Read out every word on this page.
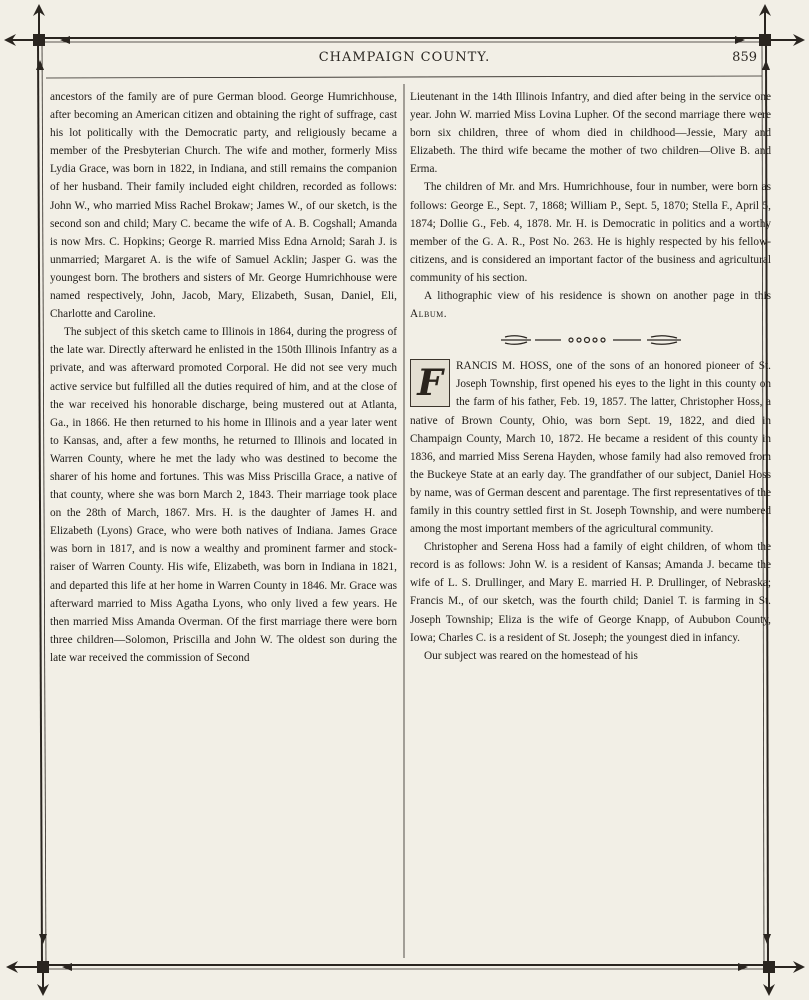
CHAMPAIGN COUNTY.	859

ancestors of the family are of pure German blood. George Humrichhouse, after becoming an American citizen and obtaining the right of suffrage, cast his lot politically with the Democratic party, and religiously became a member of the Presbyterian Church. The wife and mother, formerly Miss Lydia Grace, was born in 1822, in Indiana, and still remains the companion of her husband. Their family included eight children, recorded as follows: John W., who married Miss Rachel Brokaw; James W., of our sketch, is the second son and child; Mary C. became the wife of A. B. Cogshall; Amanda is now Mrs. C. Hopkins; George R. married Miss Edna Arnold; Sarah J. is unmarried; Margaret A. is the wife of Samuel Acklin; Jasper G. was the youngest born. The brothers and sisters of Mr. George Humrichhouse were named respectively, John, Jacob, Mary, Elizabeth, Susan, Daniel, Eli, Charlotte and Caroline.

The subject of this sketch came to Illinois in 1864, during the progress of the late war. Directly afterward he enlisted in the 150th Illinois Infantry as a private, and was afterward promoted Corporal. He did not see very much active service but fulfilled all the duties required of him, and at the close of the war received his honorable discharge, being mustered out at Atlanta, Ga., in 1866. He then returned to his home in Illinois and a year later went to Kansas, and, after a few months, he returned to Illinois and located in Warren County, where he met the lady who was destined to become the sharer of his home and fortunes. This was Miss Priscilla Grace, a native of that county, where she was born March 2, 1843. Their marriage took place on the 28th of March, 1867. Mrs. H. is the daughter of James H. and Elizabeth (Lyons) Grace, who were both natives of Indiana. James Grace was born in 1817, and is now a wealthy and prominent farmer and stock-raiser of Warren County. His wife, Elizabeth, was born in Indiana in 1821, and departed this life at her home in Warren County in 1846. Mr. Grace was afterward married to Miss Agatha Lyons, who only lived a few years. He then married Miss Amanda Overman. Of the first marriage there were born three children—Solomon, Priscilla and John W. The oldest son during the late war received the commission of Second

Lieutenant in the 14th Illinois Infantry, and died after being in the service one year. John W. married Miss Lovina Lupher. Of the second marriage there were born six children, three of whom died in childhood—Jessie, Mary and Elizabeth. The third wife became the mother of two children—Olive B. and Erma.

The children of Mr. and Mrs. Humrichhouse, four in number, were born as follows: George E., Sept. 7, 1868; William P., Sept. 5, 1870; Stella F., April 5, 1874; Dollie G., Feb. 4, 1878. Mr. H. is Democratic in politics and a worthy member of the G. A. R., Post No. 263. He is highly respected by his fellow-citizens, and is considered an important factor of the business and agricultural community of his section.

A lithographic view of his residence is shown on another page in this Album.

F	RANCIS M. HOSS, one of the sons of an honored pioneer of St. Joseph Township, first opened his eyes to the light in this county on the farm of his father, Feb. 19, 1857. The latter, Christopher Hoss, a native of Brown County, Ohio, was born Sept. 19, 1822, and died in Champaign County, March 10, 1872. He became a resident of this county in 1836, and married Miss Serena Hayden, whose family had also removed from the Buckeye State at an early day. The grandfather of our subject, Daniel Hoss by name, was of German descent and parentage. The first representatives of the family in this country settled first in St. Joseph Township, and were numbered among the most important members of the agricultural community.

Christopher and Serena Hoss had a family of eight children, of whom the record is as follows: John W. is a resident of Kansas; Amanda J. became the wife of L. S. Drullinger, and Mary E. married H. P. Drullinger, of Nebraska; Francis M., of our sketch, was the fourth child; Daniel T. is farming in St. Joseph Township; Eliza is the wife of George Knapp, of Aububon County, Iowa; Charles C. is a resident of St. Joseph; the youngest died in infancy.

Our subject was reared on the homestead of his
